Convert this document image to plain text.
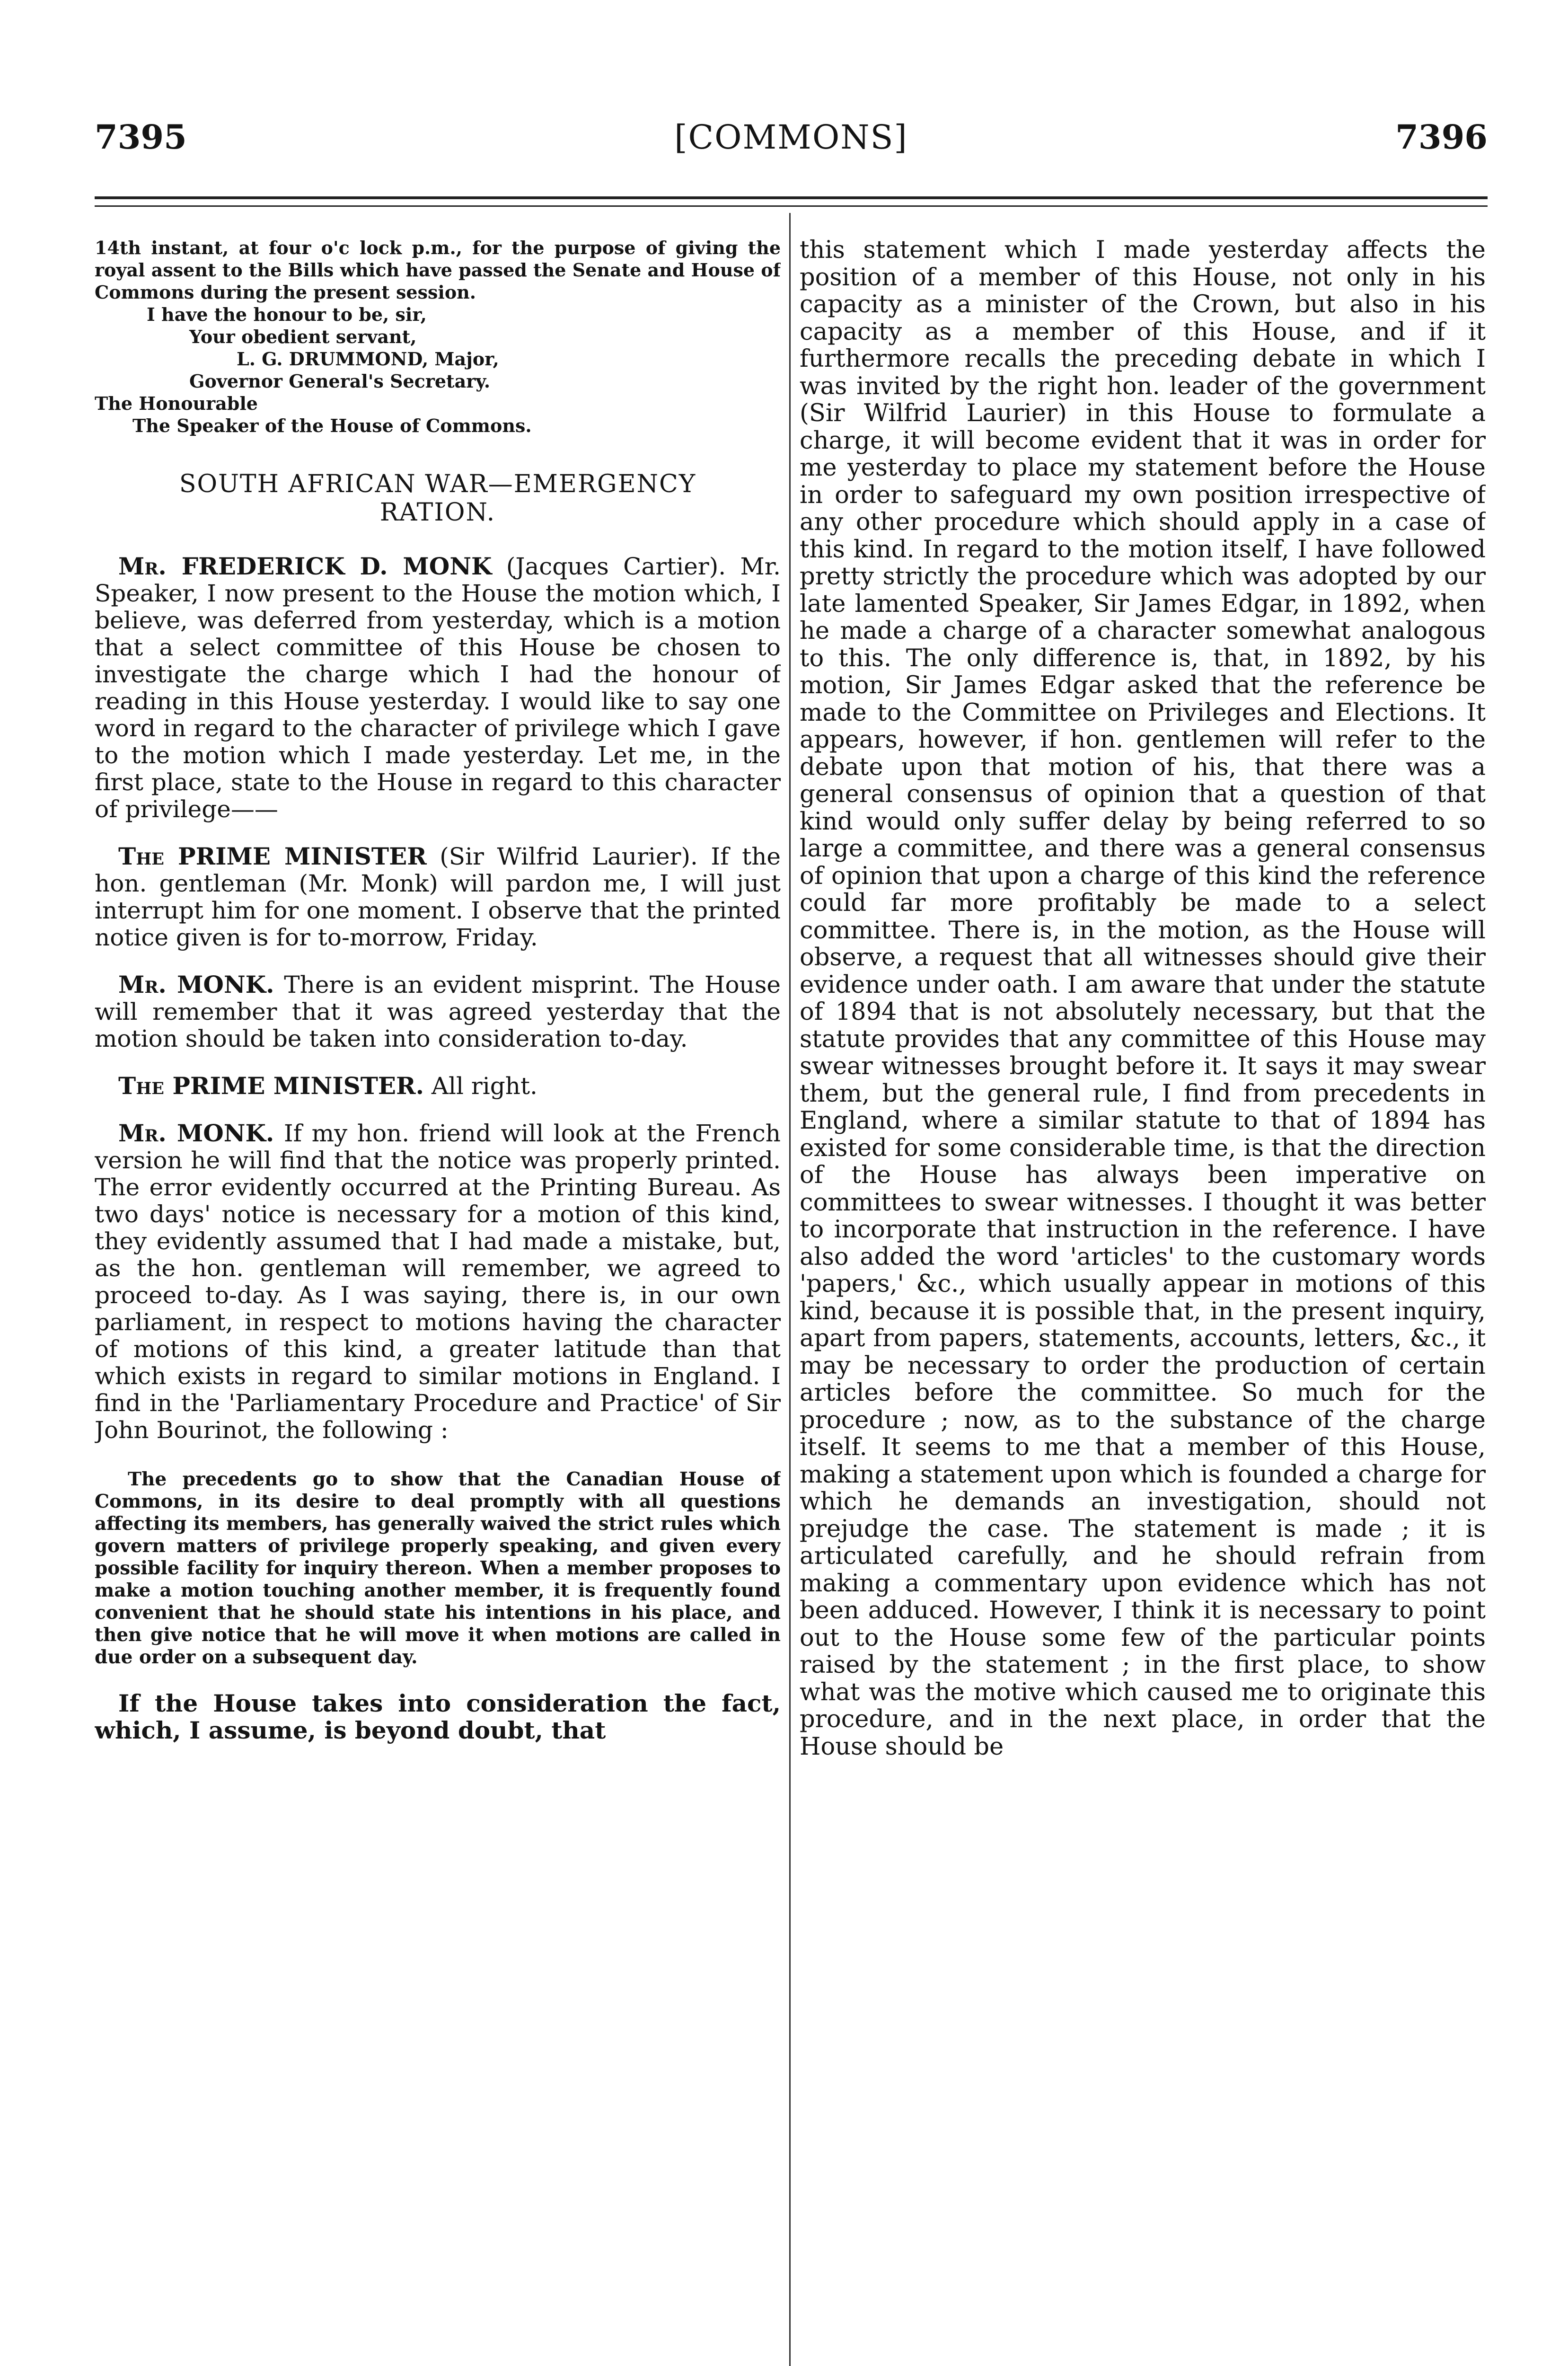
7395	[COMMONS]	7396

14th instant, at four o'c lock p.m., for the purpose of giving the royal assent to the Bills which have passed the Senate and House of Commons during the present session.

I have the honour to be, sir,

Your obedient servant,

L. G. DRUMMOND, Major,

Governor General's Secretary.

The Honourable

The Speaker of the House of Commons.

SOUTH AFRICAN WAR—EMERGENCY
RATION.

Mr. FREDERICK D. MONK (Jacques Cartier). Mr. Speaker, I now present to the House the motion which, I believe, was deferred from yesterday, which is a motion that a select committee of this House be chosen to investigate the charge which I had the honour of reading in this House yesterday. I would like to say one word in regard to the character of privilege which I gave to the motion which I made yesterday. Let me, in the first place, state to the House in regard to this character of privilege——

The PRIME MINISTER (Sir Wilfrid Laurier). If the hon. gentleman (Mr. Monk) will pardon me, I will just interrupt him for one moment. I observe that the printed notice given is for to-morrow, Friday.

Mr. MONK. There is an evident misprint. The House will remember that it was agreed yesterday that the motion should be taken into consideration to-day.

The PRIME MINISTER. All right.

Mr. MONK. If my hon. friend will look at the French version he will find that the notice was properly printed. The error evidently occurred at the Printing Bureau. As two days' notice is necessary for a motion of this kind, they evidently assumed that I had made a mistake, but, as the hon. gentleman will remember, we agreed to proceed to-day. As I was saying, there is, in our own parliament, in respect to motions having the character of motions of this kind, a greater latitude than that which exists in regard to similar motions in England. I find in the 'Parliamentary Procedure and Practice' of Sir John Bourinot, the following :

The precedents go to show that the Canadian House of Commons, in its desire to deal promptly with all questions affecting its members, has generally waived the strict rules which govern matters of privilege properly speaking, and given every possible facility for inquiry thereon. When a member proposes to make a motion touching another member, it is frequently found convenient that he should state his intentions in his place, and then give notice that he will move it when motions are called in due order on a subsequent day.

If the House takes into consideration the fact, which, I assume, is beyond doubt, that

this statement which I made yesterday affects the position of a member of this House, not only in his capacity as a minister of the Crown, but also in his capacity as a member of this House, and if it furthermore recalls the preceding debate in which I was invited by the right hon. leader of the government (Sir Wilfrid Laurier) in this House to formulate a charge, it will become evident that it was in order for me yesterday to place my statement before the House in order to safeguard my own position irrespective of any other procedure which should apply in a case of this kind. In regard to the motion itself, I have followed pretty strictly the procedure which was adopted by our late lamented Speaker, Sir James Edgar, in 1892, when he made a charge of a character somewhat analogous to this. The only difference is, that, in 1892, by his motion, Sir James Edgar asked that the reference be made to the Committee on Privileges and Elections. It appears, however, if hon. gentlemen will refer to the debate upon that motion of his, that there was a general consensus of opinion that a question of that kind would only suffer delay by being referred to so large a committee, and there was a general consensus of opinion that upon a charge of this kind the reference could far more profitably be made to a select committee. There is, in the motion, as the House will observe, a request that all witnesses should give their evidence under oath. I am aware that under the statute of 1894 that is not absolutely necessary, but that the statute provides that any committee of this House may swear witnesses brought before it. It says it may swear them, but the general rule, I find from precedents in England, where a similar statute to that of 1894 has existed for some considerable time, is that the direction of the House has always been imperative on committees to swear witnesses. I thought it was better to incorporate that instruction in the reference. I have also added the word 'articles' to the customary words 'papers,' &c., which usually appear in motions of this kind, because it is possible that, in the present inquiry, apart from papers, statements, accounts, letters, &c., it may be necessary to order the production of certain articles before the committee. So much for the procedure ; now, as to the substance of the charge itself. It seems to me that a member of this House, making a statement upon which is founded a charge for which he demands an investigation, should not prejudge the case. The statement is made ; it is articulated carefully, and he should refrain from making a commentary upon evidence which has not been adduced. However, I think it is necessary to point out to the House some few of the particular points raised by the statement ; in the first place, to show what was the motive which caused me to originate this procedure, and in the next place, in order that the House should be
